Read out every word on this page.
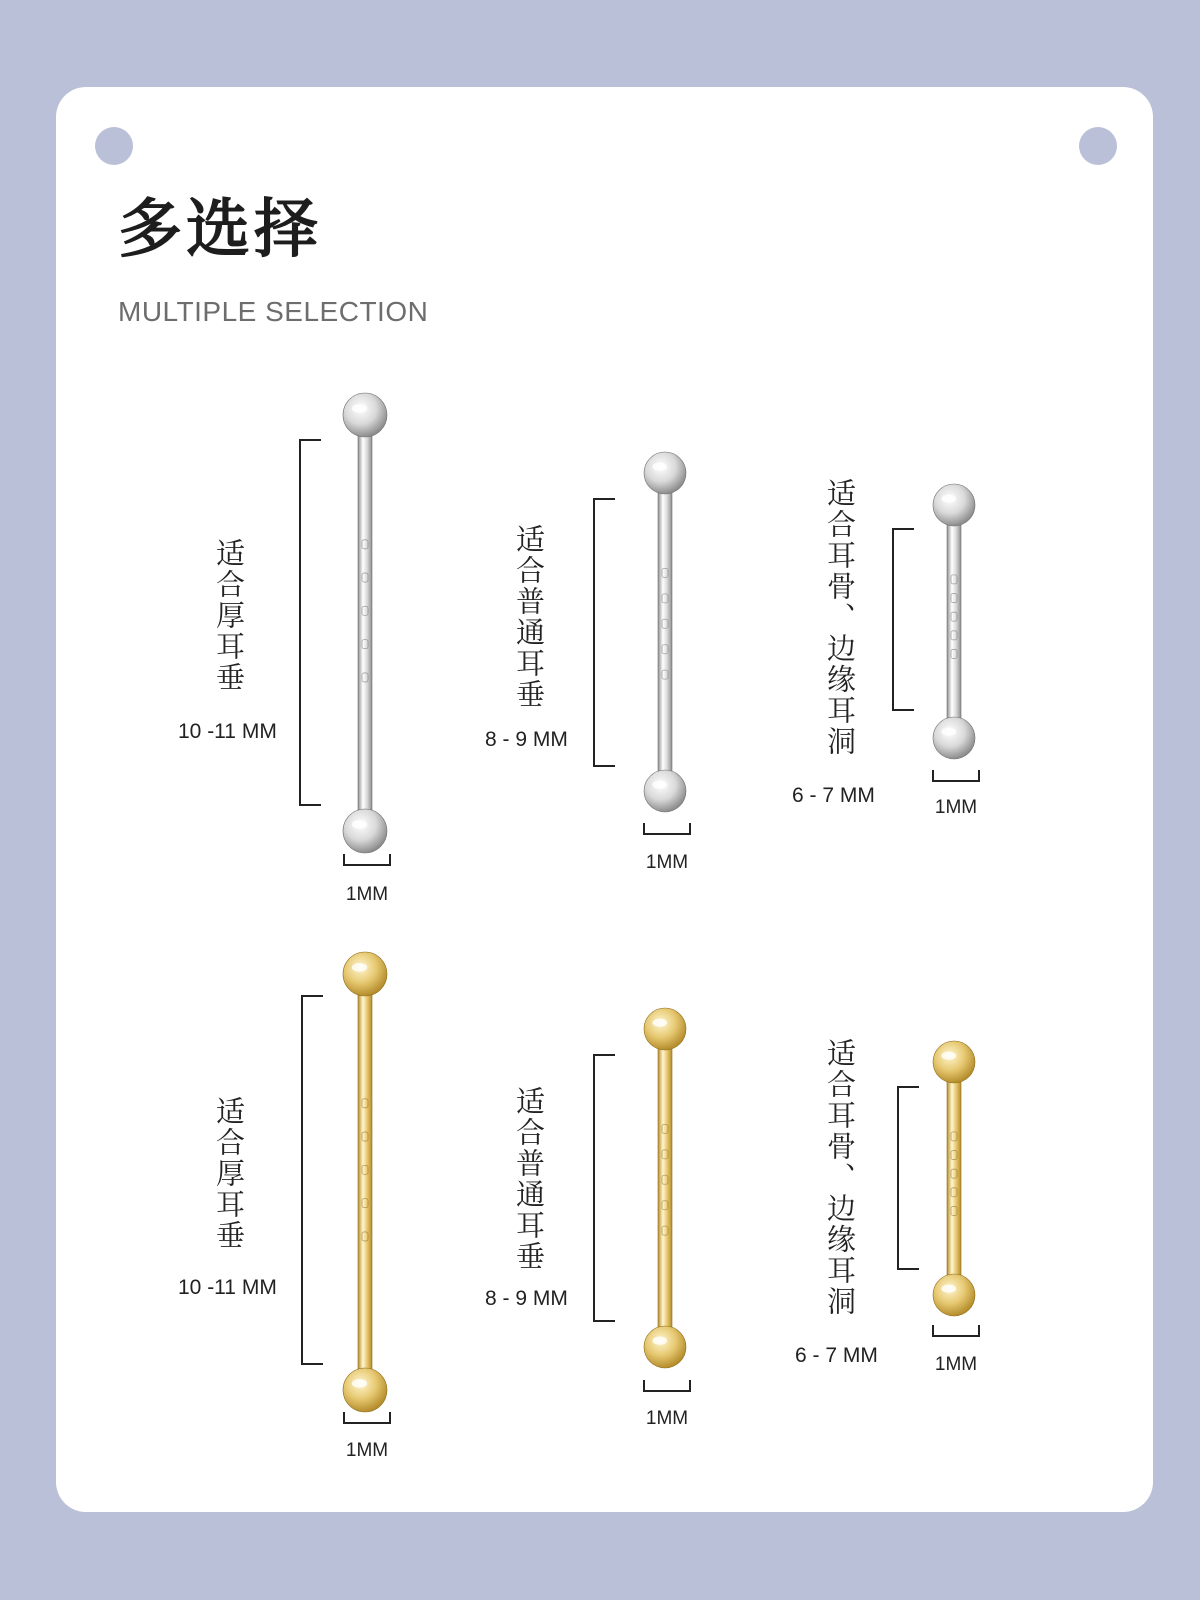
多选择
MULTIPLE SELECTION
适合厚耳垂
10 -11 MM
1MM
适合普通耳垂
8 - 9 MM
1MM
适合耳骨、边缘耳洞
6 - 7 MM
1MM
适合厚耳垂
10 -11 MM
1MM
适合普通耳垂
8 - 9 MM
1MM
适合耳骨、边缘耳洞
6 - 7 MM	1MM
